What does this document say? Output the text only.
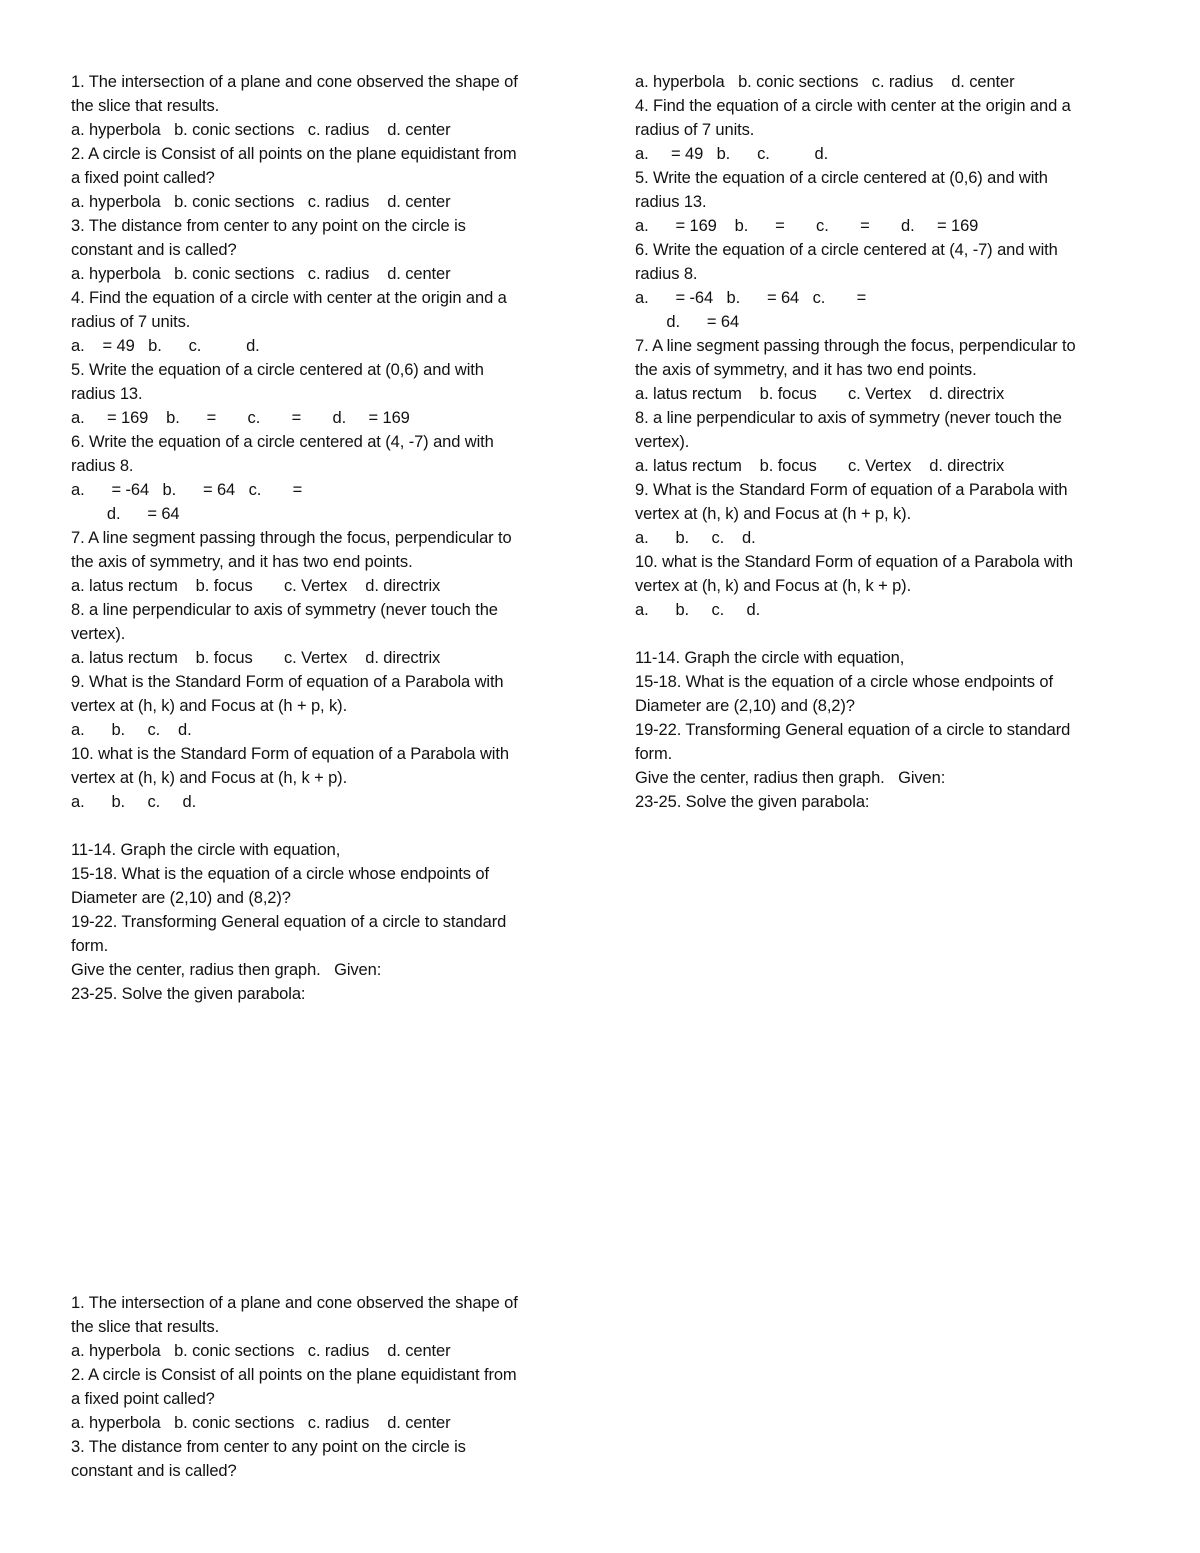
1. The intersection of a plane and cone observed the shape of
the slice that results.
a. hyperbola   b. conic sections   c. radius    d. center
2. A circle is Consist of all points on the plane equidistant from
a fixed point called?
a. hyperbola   b. conic sections   c. radius    d. center
3. The distance from center to any point on the circle is
constant and is called?
a. hyperbola   b. conic sections   c. radius    d. center
4. Find the equation of a circle with center at the origin and a
radius of 7 units.
a.    = 49   b.      c.          d.
5. Write the equation of a circle centered at (0,6) and with
radius 13.
a.     = 169    b.      =       c.       =       d.     = 169
6. Write the equation of a circle centered at (4, -7) and with
radius 8.
a.      = -64   b.      = 64   c.       =
d.      = 64
7. A line segment passing through the focus, perpendicular to
the axis of symmetry, and it has two end points.
a. latus rectum    b. focus       c. Vertex    d. directrix
8. a line perpendicular to axis of symmetry (never touch the
vertex).
a. latus rectum    b. focus       c. Vertex    d. directrix
9. What is the Standard Form of equation of a Parabola with
vertex at (h, k) and Focus at (h + p, k).
a.      b.     c.    d.
10. what is the Standard Form of equation of a Parabola with
vertex at (h, k) and Focus at (h, k + p).
a.      b.     c.     d.
11-14. Graph the circle with equation,
15-18. What is the equation of a circle whose endpoints of
Diameter are (2,10) and (8,2)?
19-22. Transforming General equation of a circle to standard
form.
Give the center, radius then graph.   Given:
23-25. Solve the given parabola:
a. hyperbola   b. conic sections   c. radius    d. center
4. Find the equation of a circle with center at the origin and a
radius of 7 units.
a.     = 49   b.      c.          d.
5. Write the equation of a circle centered at (0,6) and with
radius 13.
a.      = 169    b.      =       c.       =       d.     = 169
6. Write the equation of a circle centered at (4, -7) and with
radius 8.
a.      = -64   b.      = 64   c.       =
d.      = 64
7. A line segment passing through the focus, perpendicular to
the axis of symmetry, and it has two end points.
a. latus rectum    b. focus       c. Vertex    d. directrix
8. a line perpendicular to axis of symmetry (never touch the
vertex).
a. latus rectum    b. focus       c. Vertex    d. directrix
9. What is the Standard Form of equation of a Parabola with
vertex at (h, k) and Focus at (h + p, k).
a.      b.     c.    d.
10. what is the Standard Form of equation of a Parabola with
vertex at (h, k) and Focus at (h, k + p).
a.      b.     c.     d.
11-14. Graph the circle with equation,
15-18. What is the equation of a circle whose endpoints of
Diameter are (2,10) and (8,2)?
19-22. Transforming General equation of a circle to standard
form.
Give the center, radius then graph.   Given:
23-25. Solve the given parabola:
1. The intersection of a plane and cone observed the shape of
the slice that results.
a. hyperbola   b. conic sections   c. radius    d. center
2. A circle is Consist of all points on the plane equidistant from
a fixed point called?
a. hyperbola   b. conic sections   c. radius    d. center
3. The distance from center to any point on the circle is
constant and is called?
